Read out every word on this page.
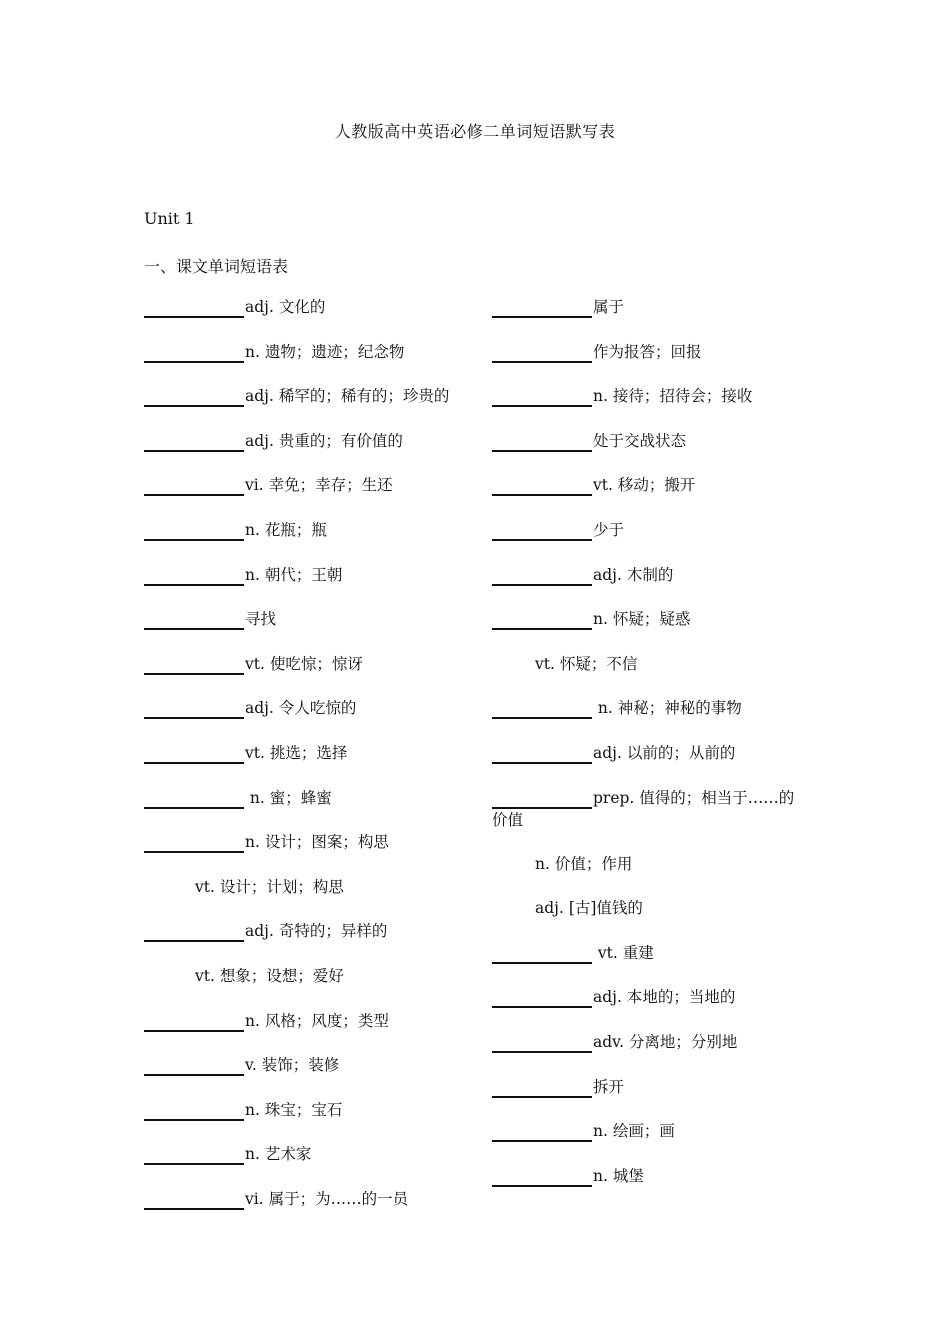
人教版高中英语必修二单词短语默写表
Unit 1
一、课文单词短语表
adj. 文化的
n. 遗物；遗迹；纪念物
adj. 稀罕的；稀有的；珍贵的
adj. 贵重的；有价值的
vi. 幸免；幸存；生还
n. 花瓶；瓶
n. 朝代；王朝
寻找
vt. 使吃惊；惊讶
adj. 令人吃惊的
vt. 挑选；选择
n. 蜜；蜂蜜
n. 设计；图案；构思
vt. 设计；计划；构思
adj. 奇特的；异样的
vt. 想象；设想；爱好
n. 风格；风度；类型
v. 装饰；装修
n. 珠宝；宝石
n. 艺术家
vi. 属于；为……的一员
属于
作为报答；回报
n. 接待；招待会；接收
处于交战状态
vt. 移动；搬开
少于
adj. 木制的
n. 怀疑；疑惑
vt. 怀疑；不信
n. 神秘；神秘的事物
adj. 以前的；从前的
prep. 值得的；相当于……的
价值
n. 价值；作用
adj. [古]值钱的
vt. 重建
adj. 本地的；当地的
adv. 分离地；分别地
拆开
n. 绘画；画
n. 城堡
